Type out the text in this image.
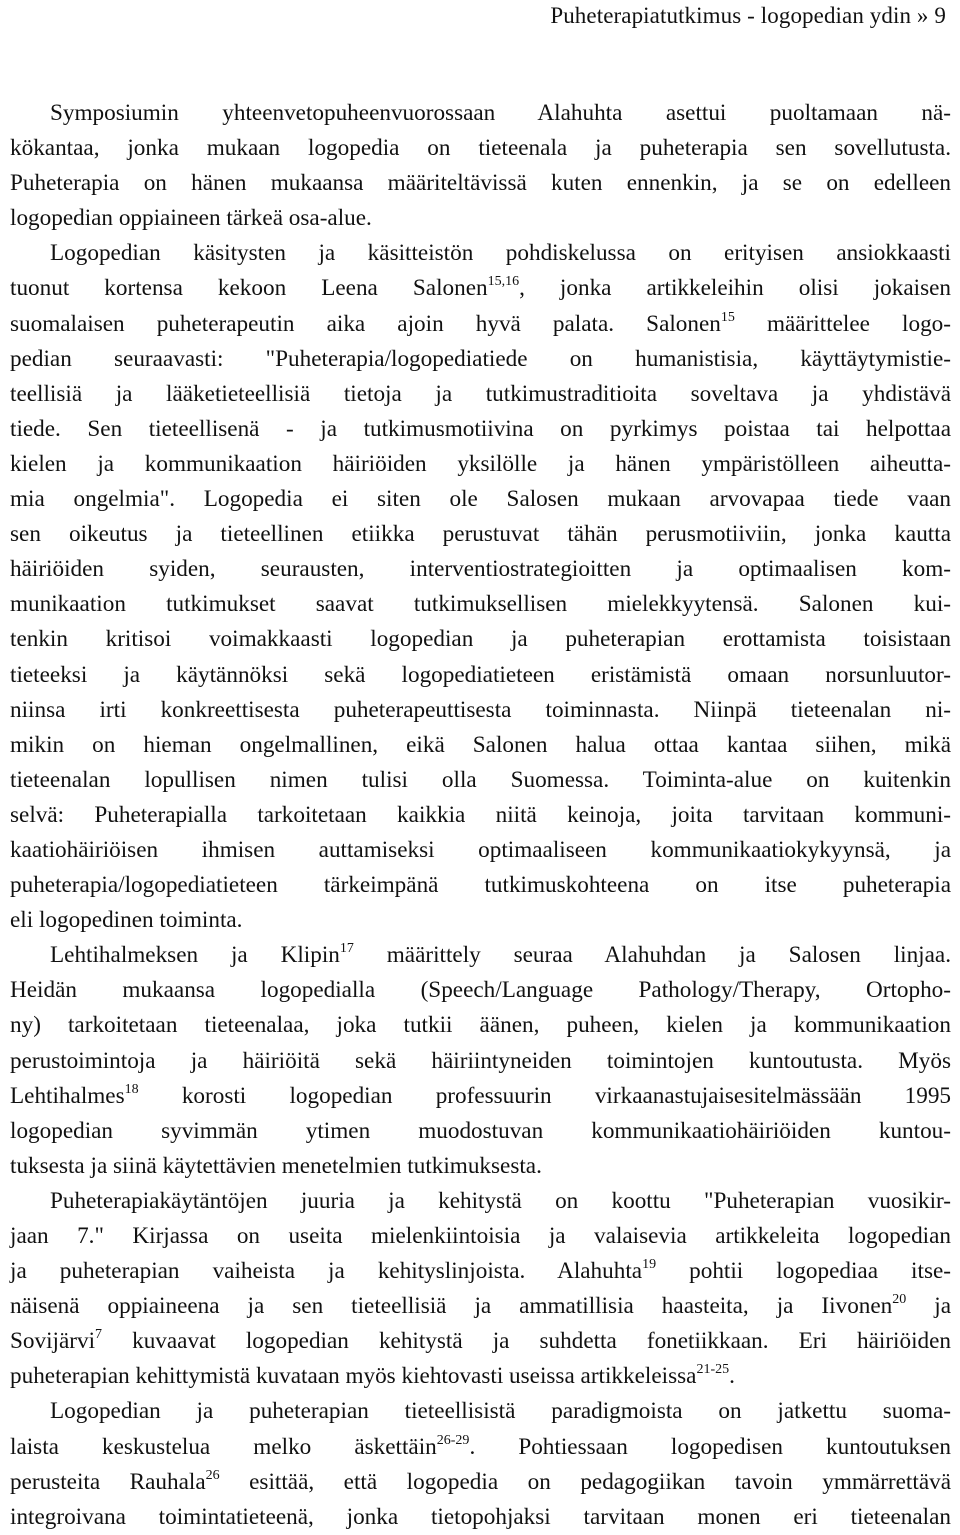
Puheterapiatutkimus - logopedian ydin » 9
Symposiumin yhteenvetopuheenvuorossaan Alahuhta asettui puoltamaan nä-
kökantaa, jonka mukaan logopedia on tieteenala ja puheterapia sen sovellutusta.
Puheterapia on hänen mukaansa määriteltävissä kuten ennenkin, ja se on edelleen
logopedian oppiaineen tärkeä osa-alue.
Logopedian käsitysten ja käsitteistön pohdiskelussa on erityisen ansiokkaasti
tuonut kortensa kekoon Leena Salonen$^{15,16}$, jonka artikkeleihin olisi jokaisen
suomalaisen puheterapeutin aika ajoin hyvä palata. Salonen$^{15}$ määrittelee logo-
pedian seuraavasti: "Puheterapia/logopediatiede on humanistisia, käyttäytymistie-
teellisiä ja lääketieteellisiä tietoja ja tutkimustraditioita soveltava ja yhdistävä
tiede. Sen tieteellisenä - ja tutkimusmotiivina on pyrkimys poistaa tai helpottaa
kielen ja kommunikaation häiriöiden yksilölle ja hänen ympäristölleen aiheutta-
mia ongelmia". Logopedia ei siten ole Salosen mukaan arvovapaa tiede vaan
sen oikeutus ja tieteellinen etiikka perustuvat tähän perusmotiiviin, jonka kautta
häiriöiden syiden, seurausten, interventiostrategioitten ja optimaalisen kom-
munikaation tutkimukset saavat tutkimuksellisen mielekkyytensä. Salonen kui-
tenkin kritisoi voimakkaasti logopedian ja puheterapian erottamista toisistaan
tieteeksi ja käytännöksi sekä logopediatieteen eristämistä omaan norsunluutor-
niinsa irti konkreettisesta puheterapeuttisesta toiminnasta. Niinpä tieteenalan ni-
mikin on hieman ongelmallinen, eikä Salonen halua ottaa kantaa siihen, mikä
tieteenalan lopullisen nimen tulisi olla Suomessa. Toiminta-alue on kuitenkin
selvä: Puheterapialla tarkoitetaan kaikkia niitä keinoja, joita tarvitaan kommuni-
kaatiohäiriöisen ihmisen auttamiseksi optimaaliseen kommunikaatiokykyynsä, ja
puheterapia/logopediatieteen tärkeimpänä tutkimuskohteena on itse puheterapia
eli logopedinen toiminta.
Lehtihalmeksen ja Klipin$^{17}$ määrittely seuraa Alahuhdan ja Salosen linjaa.
Heidän mukaansa logopedialla (Speech/Language Pathology/Therapy, Ortopho-
ny) tarkoitetaan tieteenalaa, joka tutkii äänen, puheen, kielen ja kommunikaation
perustoimintoja ja häiriöitä sekä häiriintyneiden toimintojen kuntoutusta. Myös
Lehtihalmes$^{18}$ korosti logopedian professuurin virkaanastujaisesitelmässään 1995
logopedian syvimmän ytimen muodostuvan kommunikaatiohäiriöiden kuntou-
tuksesta ja siinä käytettävien menetelmien tutkimuksesta.
Puheterapiakäytäntöjen juuria ja kehitystä on koottu "Puheterapian vuosikir-
jaan 7." Kirjassa on useita mielenkiintoisia ja valaisevia artikkeleita logopedian
ja puheterapian vaiheista ja kehityslinjoista. Alahuhta$^{19}$ pohtii logopediaa itse-
näisenä oppiaineena ja sen tieteellisiä ja ammatillisia haasteita, ja Iivonen$^{20}$ ja
Sovijärvi$^7$ kuvaavat logopedian kehitystä ja suhdetta fonetiikkaan. Eri häiriöiden
puheterapian kehittymistä kuvataan myös kiehtovasti useissa artikkeleissa$^{21-25}$.
Logopedian ja puheterapian tieteellisistä paradigmoista on jatkettu suoma-
laista keskustelua melko äskettäin$^{26-29}$. Pohtiessaan logopedisen kuntoutuksen
perusteita Rauhala$^{26}$ esittää, että logopedia on pedagogiikan tavoin ymmärrettävä
integroivana toimintatieteenä, jonka tietopohjaksi tarvitaan monen eri tieteenalan
